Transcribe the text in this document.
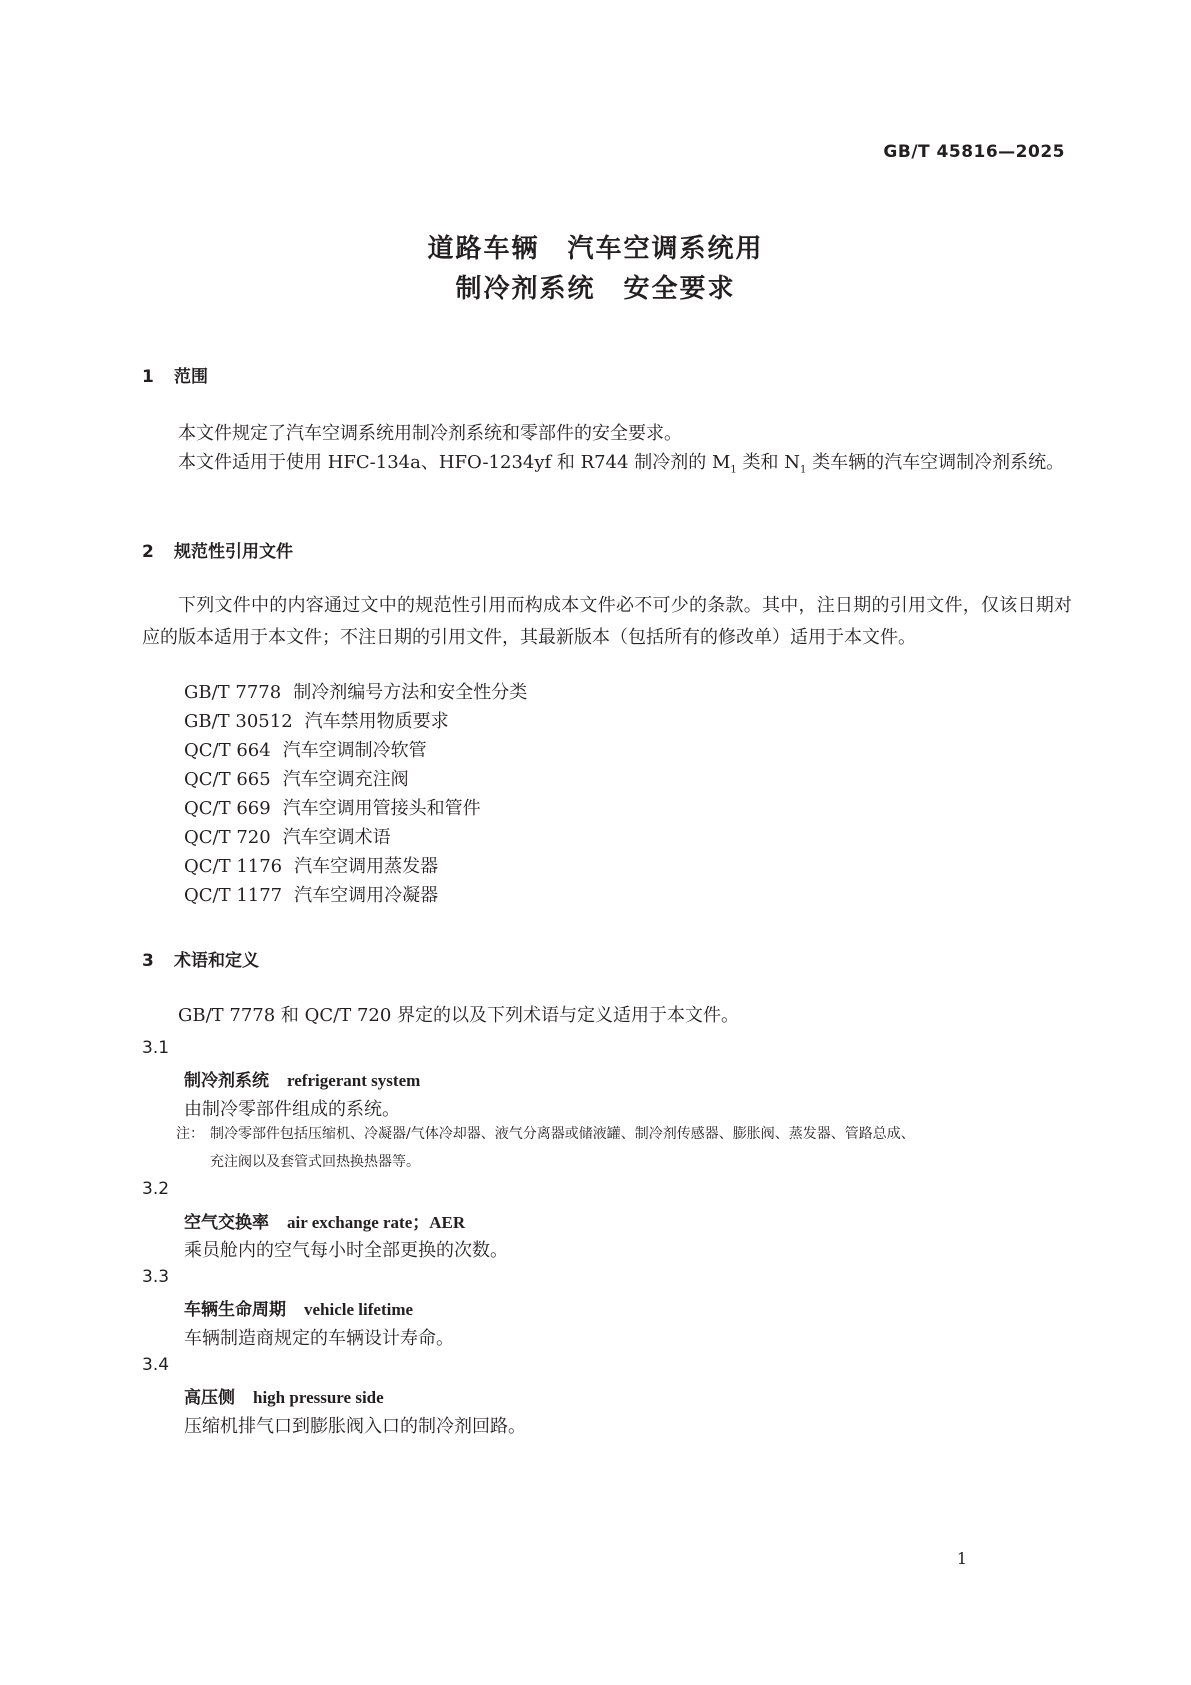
GB/T 45816—2025
道路车辆　汽车空调系统用
制冷剂系统　安全要求
1 范围

本文件规定了汽车空调系统用制冷剂系统和零部件的安全要求。

本文件适用于使用 HFC-134a、HFO-1234yf 和 R744 制冷剂的 $M_1$ 类和 $N_1$ 类车辆的汽车空调制冷剂系统。

2 规范性引用文件

下列文件中的内容通过文中的规范性引用而构成本文件必不可少的条款。其中，注日期的引用文件，仅该日期对应的版本适用于本文件；不注日期的引用文件，其最新版本（包括所有的修改单）适用于本文件。

GB/T 7778 制冷剂编号方法和安全性分类
GB/T 30512 汽车禁用物质要求
QC/T 664 汽车空调制冷软管
QC/T 665 汽车空调充注阀
QC/T 669 汽车空调用管接头和管件
QC/T 720 汽车空调术语
QC/T 1176 汽车空调用蒸发器
QC/T 1177 汽车空调用冷凝器
3 术语和定义

GB/T 7778 和 QC/T 720 界定的以及下列术语与定义适用于本文件。

3.1
制冷剂系统 refrigerant system
由制冷零部件组成的系统。
注： 制冷零部件包括压缩机、冷凝器/气体冷却器、液气分离器或储液罐、制冷剂传感器、膨胀阀、蒸发器、管路总成、
充注阀以及套管式回热换热器等。
3.2
空气交换率 air exchange rate；AER
乘员舱内的空气每小时全部更换的次数。
3.3
车辆生命周期 vehicle lifetime
车辆制造商规定的车辆设计寿命。
3.4
高压侧 high pressure side
压缩机排气口到膨胀阀入口的制冷剂回路。
1
